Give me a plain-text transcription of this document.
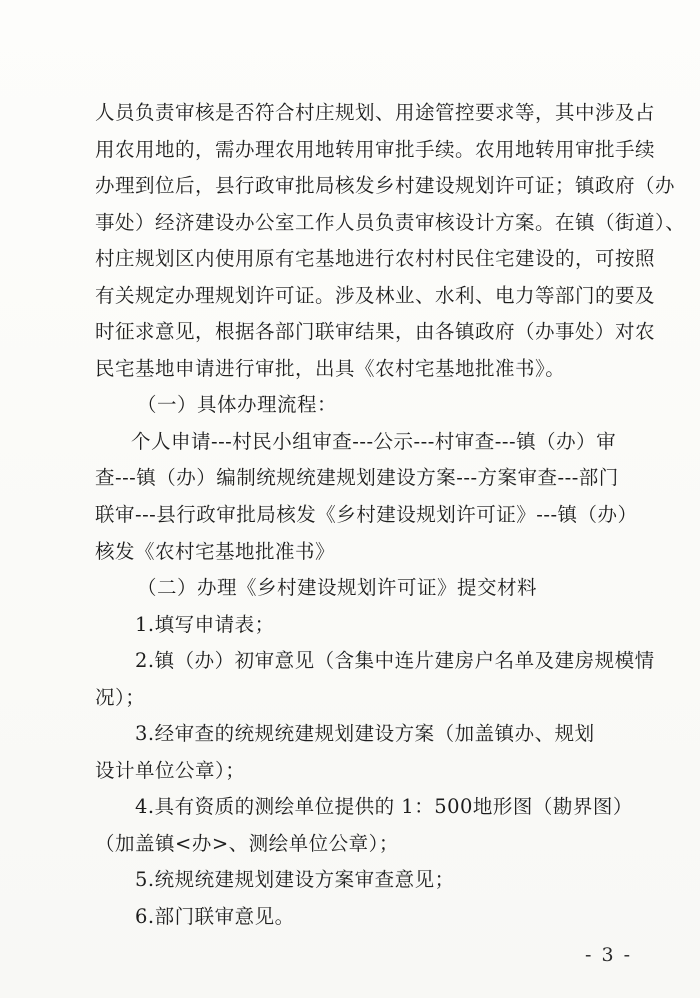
人员负责审核是否符合村庄规划、用途管控要求等，其中涉及占
用农用地的，需办理农用地转用审批手续。农用地转用审批手续
办理到位后，县行政审批局核发乡村建设规划许可证；镇政府（办
事处）经济建设办公室工作人员负责审核设计方案。在镇（街道）、
村庄规划区内使用原有宅基地进行农村村民住宅建设的，可按照
有关规定办理规划许可证。涉及林业、水利、电力等部门的要及
时征求意见，根据各部门联审结果，由各镇政府（办事处）对农
民宅基地申请进行审批，出具《农村宅基地批准书》。
（一）具体办理流程：
个人申请---村民小组审查---公示---村审查---镇（办）审
查---镇（办）编制统规统建规划建设方案---方案审查---部门
联审---县行政审批局核发《乡村建设规划许可证》---镇（办）
核发《农村宅基地批准书》
（二）办理《乡村建设规划许可证》提交材料
1.填写申请表；
2.镇（办）初审意见（含集中连片建房户名单及建房规模情
况）；
3.经审查的统规统建规划建设方案（加盖镇办、规划
设计单位公章）；
4.具有资质的测绘单位提供的 1：500地形图（勘界图）
（加盖镇<办>、测绘单位公章）；
5.统规统建规划建设方案审查意见；
6.部门联审意见。
- 3 -
